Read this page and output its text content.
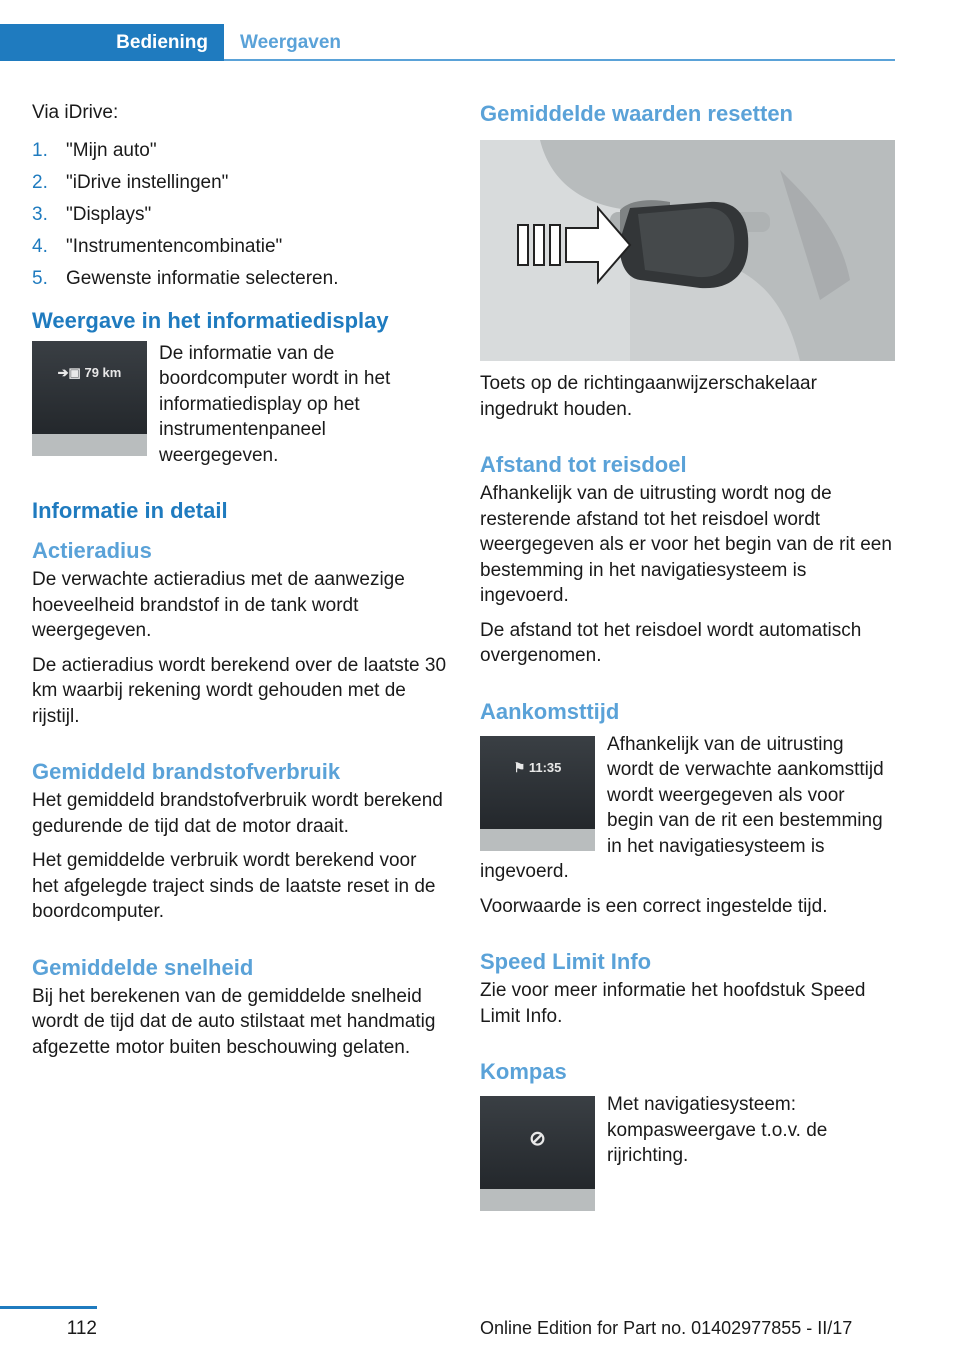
Bediening	Weergaven

Via iDrive:

1. "Mijn auto"
2. "iDrive instellingen"
3. "Displays"
4. "Instrumentencombinatie"
5. Gewenste informatie selecteren.
Weergave in het informatiedisplay
➔▣ 79 km

De informatie van de boordcomputer wordt in het informatiedisplay op het instrumentenpaneel weergegeven.

Informatie in detail
Actieradius

De verwachte actieradius met de aanwezige hoeveelheid brandstof in de tank wordt weergegeven.

De actieradius wordt berekend over de laatste 30 km waarbij rekening wordt gehouden met de rijstijl.

Gemiddeld brandstofverbruik

Het gemiddeld brandstofverbruik wordt berekend gedurende de tijd dat de motor draait.

Het gemiddelde verbruik wordt berekend voor het afgelegde traject sinds de laatste reset in de boordcomputer.

Gemiddelde snelheid

Bij het berekenen van de gemiddelde snelheid wordt de tijd dat de auto stilstaat met handmatig afgezette motor buiten beschouwing gelaten.

Gemiddelde waarden resetten

Toets op de richtingaanwijzerschakelaar ingedrukt houden.

Afstand tot reisdoel

Afhankelijk van de uitrusting wordt nog de resterende afstand tot het reisdoel wordt weergegeven als er voor het begin van de rit een bestemming in het navigatiesysteem is ingevoerd.

De afstand tot het reisdoel wordt automatisch overgenomen.

Aankomsttijd
⚑ 11:35

Afhankelijk van de uitrusting wordt de verwachte aankomsttijd wordt weergegeven als voor begin van de rit een bestemming in het navigatiesysteem is ingevoerd.

Voorwaarde is een correct ingestelde tijd.

Speed Limit Info

Zie voor meer informatie het hoofdstuk Speed Limit Info.

Kompas
⊘

Met navigatiesysteem: kompasweergave t.o.v. de rijrichting.

112	Online Edition for Part no. 01402977855 - II/17
